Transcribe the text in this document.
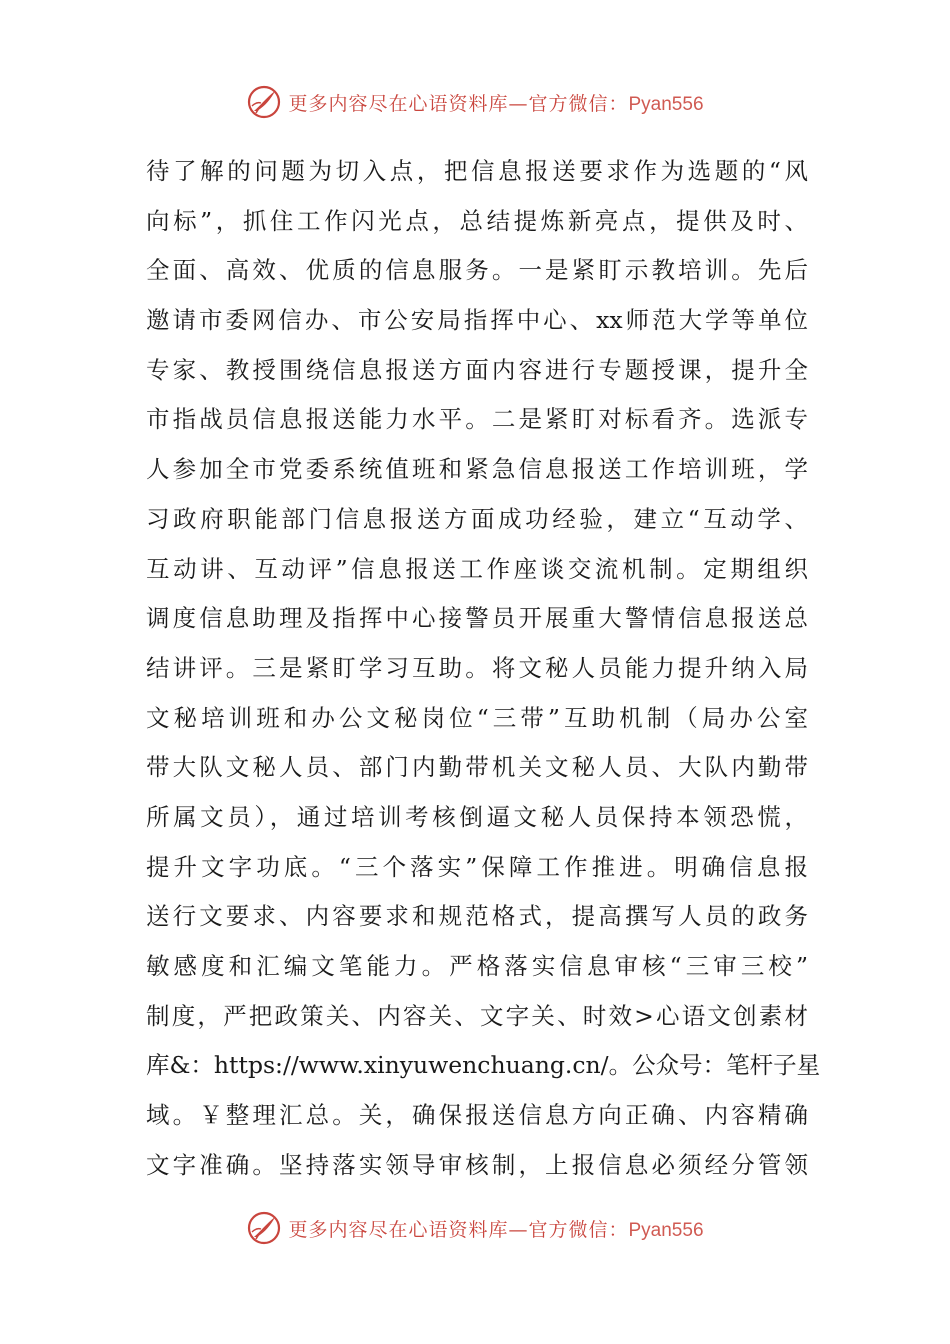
更多内容尽在心语资料库—官方微信：Pyan556
待了解的问题为切入点，把信息报送要求作为选题的“风
向标”，抓住工作闪光点，总结提炼新亮点，提供及时、
全面、高效、优质的信息服务。一是紧盯示教培训。先后
邀请市委网信办、市公安局指挥中心、xx师范大学等单位
专家、教授围绕信息报送方面内容进行专题授课，提升全
市指战员信息报送能力水平。二是紧盯对标看齐。选派专
人参加全市党委系统值班和紧急信息报送工作培训班，学
习政府职能部门信息报送方面成功经验，建立“互动学、
互动讲、互动评”信息报送工作座谈交流机制。定期组织
调度信息助理及指挥中心接警员开展重大警情信息报送总
结讲评。三是紧盯学习互助。将文秘人员能力提升纳入局
文秘培训班和办公文秘岗位“三带”互助机制（局办公室
带大队文秘人员、部门内勤带机关文秘人员、大队内勤带
所属文员），通过培训考核倒逼文秘人员保持本领恐慌，
提升文字功底。“三个落实”保障工作推进。明确信息报
送行文要求、内容要求和规范格式，提高撰写人员的政务
敏感度和汇编文笔能力。严格落实信息审核“三审三校”
制度，严把政策关、内容关、文字关、时效>心语文创素材
库&：https://www.xinyuwenchuang.cn/。公众号：笔杆子星
域。￥整理汇总。关，确保报送信息方向正确、内容精确
文字准确。坚持落实领导审核制，上报信息必须经分管领
更多内容尽在心语资料库—官方微信：Pyan556
